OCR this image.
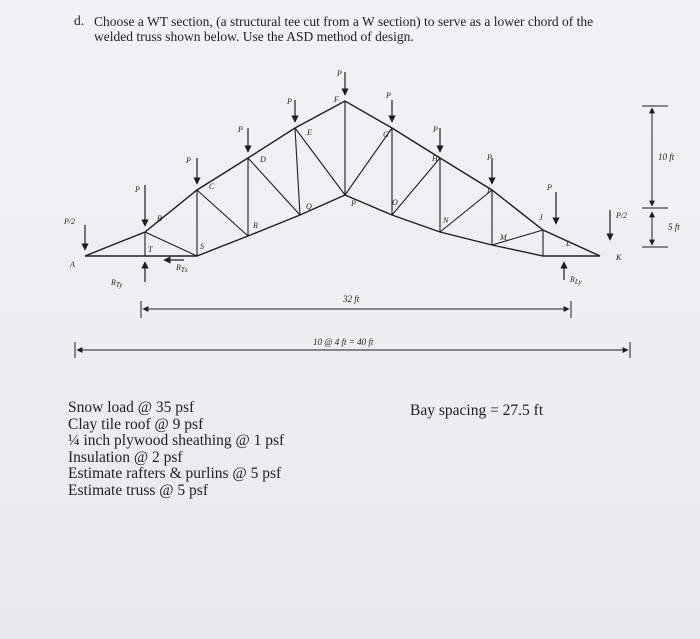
d. Choose a WT section, (a structural tee cut from a W section) to serve as a lower chord of the
welded truss shown below. Use the ASD method of design.
P/2
P
P
P
P
P
P
P
P
P
P/2
A
B
C
D
E
F
G
H
I
J
K
L
M
N
O
P
Q
R
S
T
RTy
RTx
RLy
32 ft
10 @ 4 ft = 40 ft
10 ft
5 ft
Snow load @ 35 psf
Clay tile roof @ 9 psf
¼ inch plywood sheathing @ 1 psf
Insulation @ 2 psf
Estimate rafters & purlins @ 5 psf
Estimate truss @ 5 psf
Bay spacing = 27.5 ft
